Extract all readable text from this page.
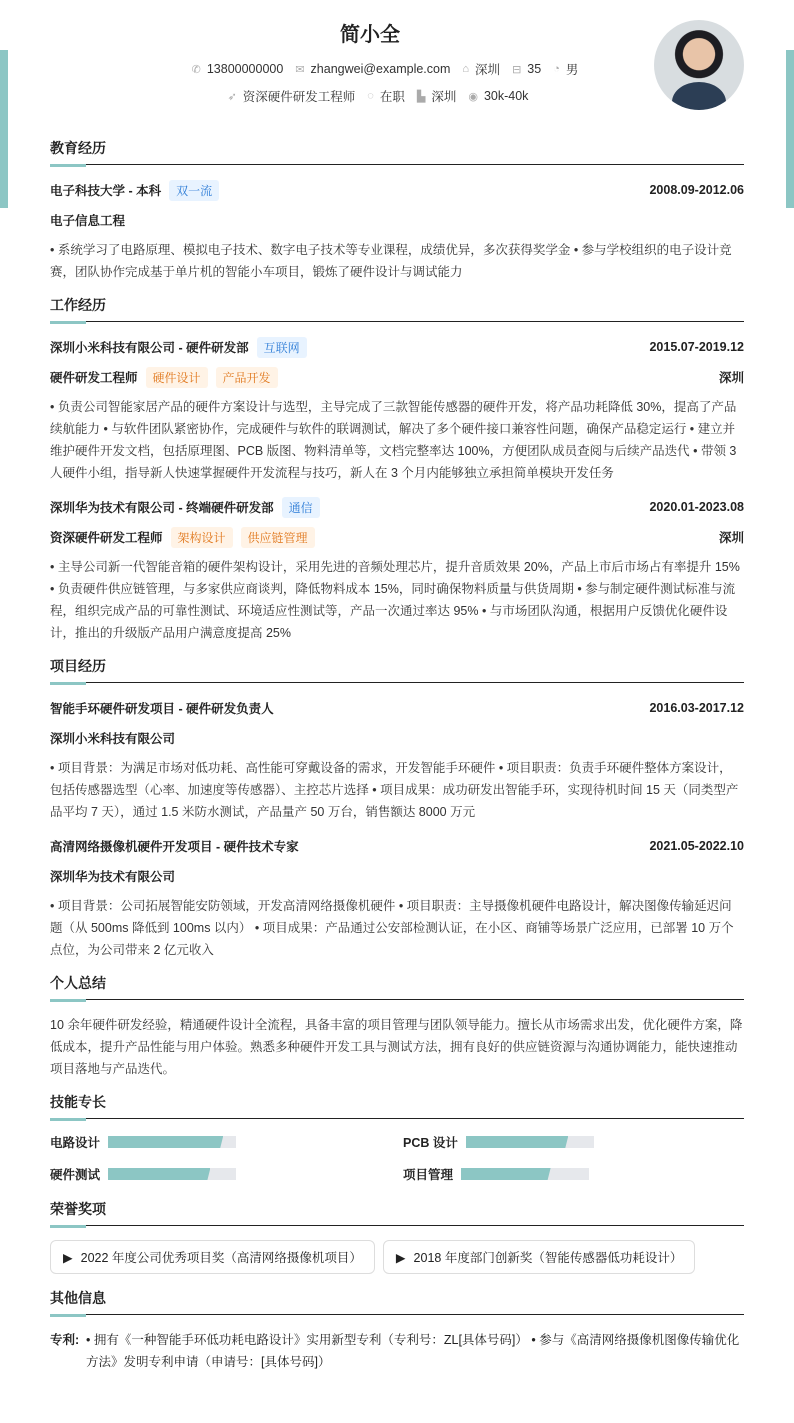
简小全
✆ 13800000000 ✉ zhangwei@example.com ⌂ 深圳 ⊟ 35 ◔ 男
➶ 资深硬件研发工程师 ◌ 在职 ▙ 深圳 ◉ 30k-40k
教育经历
电子科技大学 - 本科	双一流	2008.09-2012.06
电子信息工程
• 系统学习了电路原理、模拟电子技术、数字电子技术等专业课程，成绩优异，多次获得奖学金 • 参与学校组织的电子设计竞赛，团队协作完成基于单片机的智能小车项目，锻炼了硬件设计与调试能力
工作经历
深圳小米科技有限公司 - 硬件研发部	互联网	2015.07-2019.12
硬件研发工程师	硬件设计	产品开发	深圳
• 负责公司智能家居产品的硬件方案设计与选型，主导完成了三款智能传感器的硬件开发，将产品功耗降低 30%，提高了产品续航能力 • 与软件团队紧密协作，完成硬件与软件的联调测试，解决了多个硬件接口兼容性问题，确保产品稳定运行 • 建立并维护硬件开发文档，包括原理图、PCB 版图、物料清单等，文档完整率达 100%，方便团队成员查阅与后续产品迭代 • 带领 3 人硬件小组，指导新人快速掌握硬件开发流程与技巧，新人在 3 个月内能够独立承担简单模块开发任务
深圳华为技术有限公司 - 终端硬件研发部	通信	2020.01-2023.08
资深硬件研发工程师	架构设计	供应链管理	深圳
• 主导公司新一代智能音箱的硬件架构设计，采用先进的音频处理芯片，提升音质效果 20%，产品上市后市场占有率提升 15% • 负责硬件供应链管理，与多家供应商谈判，降低物料成本 15%，同时确保物料质量与供货周期 • 参与制定硬件测试标准与流程，组织完成产品的可靠性测试、环境适应性测试等，产品一次通过率达 95% • 与市场团队沟通，根据用户反馈优化硬件设计，推出的升级版产品用户满意度提高 25%
项目经历
智能手环硬件研发项目 - 硬件研发负责人	2016.03-2017.12
深圳小米科技有限公司
• 项目背景：为满足市场对低功耗、高性能可穿戴设备的需求，开发智能手环硬件 • 项目职责：负责手环硬件整体方案设计，包括传感器选型（心率、加速度等传感器）、主控芯片选择 • 项目成果：成功研发出智能手环，实现待机时间 15 天（同类型产品平均 7 天），通过 1.5 米防水测试，产品量产 50 万台，销售额达 8000 万元
高清网络摄像机硬件开发项目 - 硬件技术专家	2021.05-2022.10
深圳华为技术有限公司
• 项目背景：公司拓展智能安防领域，开发高清网络摄像机硬件 • 项目职责：主导摄像机硬件电路设计，解决图像传输延迟问题（从 500ms 降低到 100ms 以内） • 项目成果：产品通过公安部检测认证，在小区、商铺等场景广泛应用，已部署 10 万个点位，为公司带来 2 亿元收入
个人总结
10 余年硬件研发经验，精通硬件设计全流程，具备丰富的项目管理与团队领导能力。擅长从市场需求出发，优化硬件方案，降低成本，提升产品性能与用户体验。熟悉多种硬件开发工具与测试方法，拥有良好的供应链资源与沟通协调能力，能快速推动项目落地与产品迭代。
技能专长
电路设计	PCB 设计
硬件测试	项目管理
荣誉奖项
▶ 2022 年度公司优秀项目奖（高清网络摄像机项目）	▶ 2018 年度部门创新奖（智能传感器低功耗设计）
其他信息
专利: • 拥有《一种智能手环低功耗电路设计》实用新型专利（专利号：ZL[具体号码]） • 参与《高清网络摄像机图像传输优化方法》发明专利申请（申请号：[具体号码]）
